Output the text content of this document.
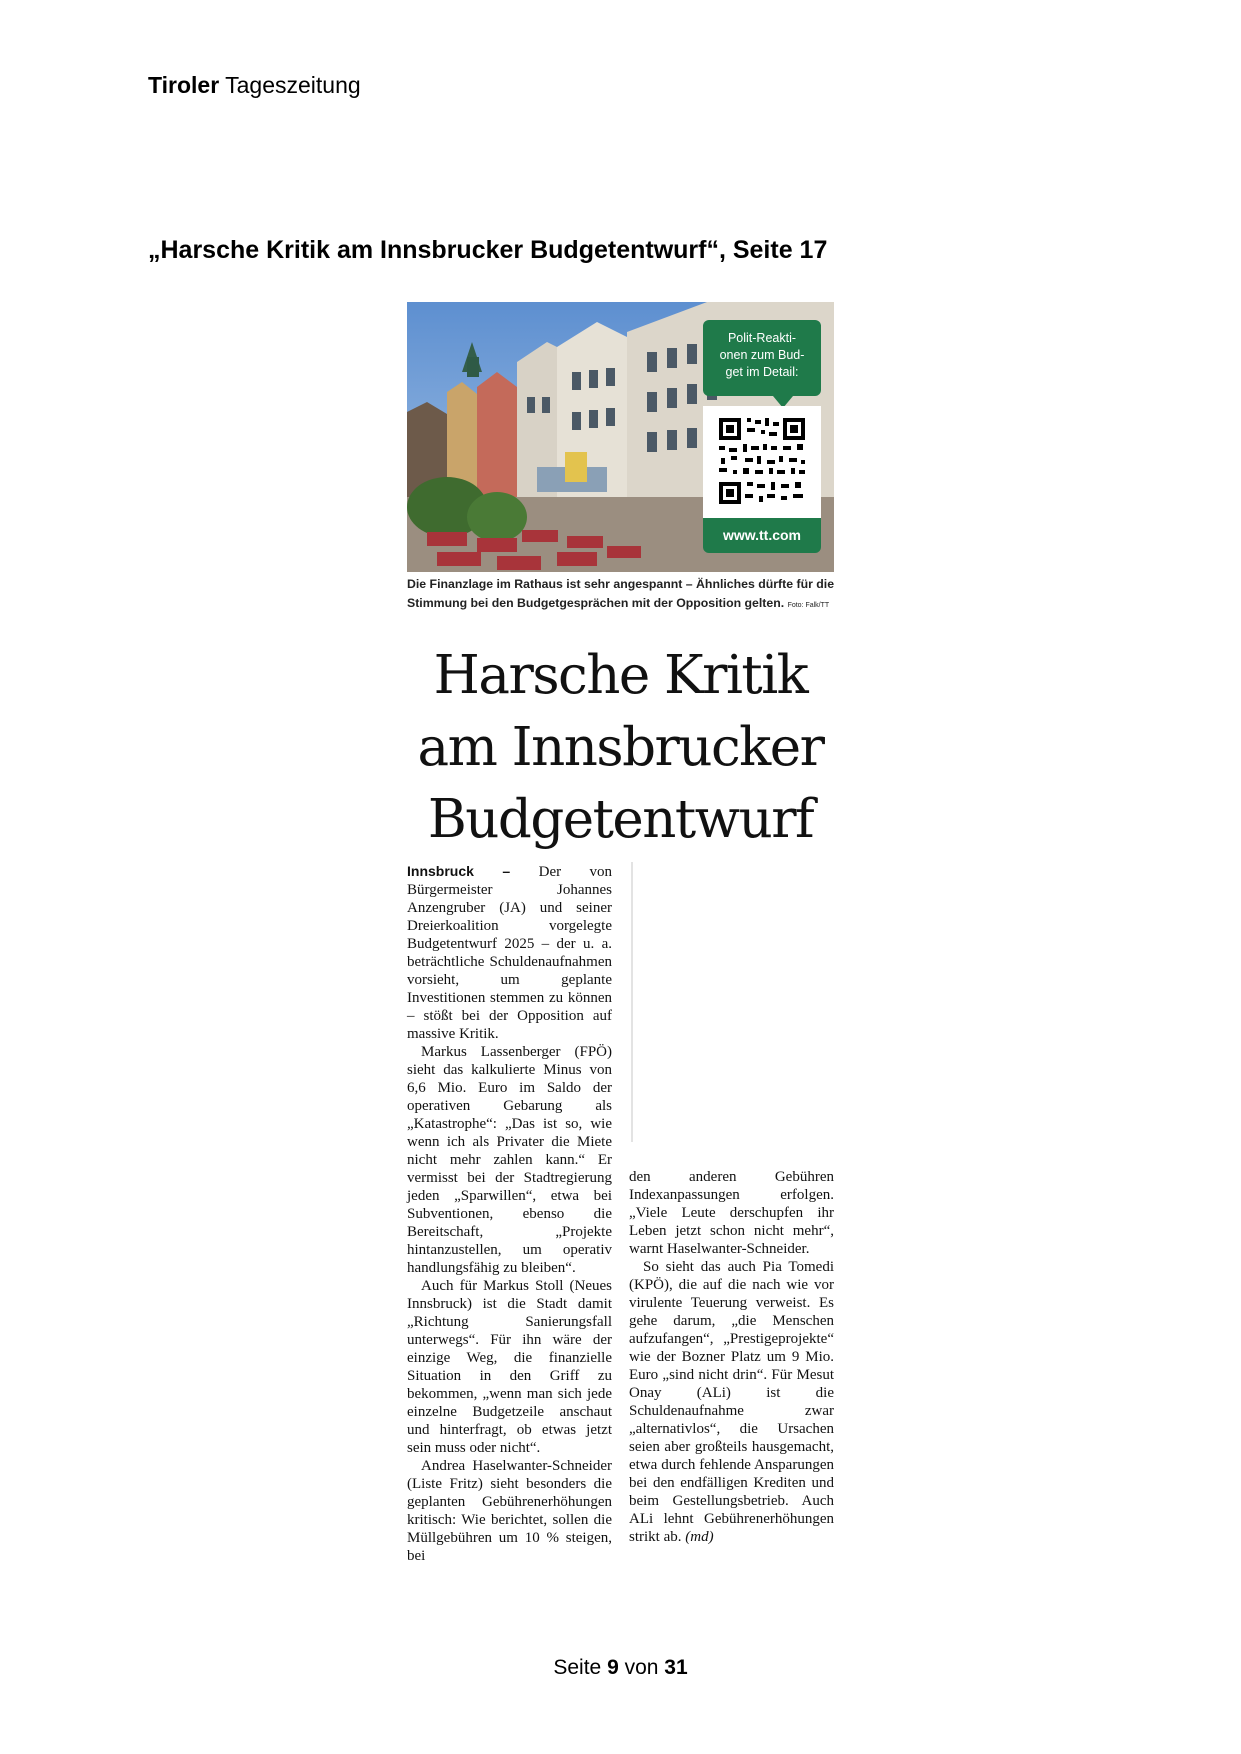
Tiroler Tageszeitung
„Harsche Kritik am Innsbrucker Budgetentwurf“, Seite 17
Polit-Reakti-onen zum Bud-get im Detail:
www.tt.com
Die Finanzlage im Rathaus ist sehr angespannt – Ähnliches dürfte für die Stimmung bei den Budgetgesprächen mit der Opposition gelten. Foto: Falk/TT
Harsche Kritik
am Innsbrucker
Budgetentwurf

Innsbruck – Der von Bürgermeister Johannes Anzengruber (JA) und seiner Dreierkoalition vorgelegte Budgetentwurf 2025 – der u. a. beträchtliche Schuldenaufnahmen vorsieht, um geplante Investitionen stemmen zu können – stößt bei der Opposition auf massive Kritik.

Markus Lassenberger (FPÖ) sieht das kalkulierte Minus von 6,6 Mio. Euro im Saldo der operativen Gebarung als „Katastrophe“: „Das ist so, wie wenn ich als Privater die Miete nicht mehr zahlen kann.“ Er vermisst bei der Stadtregierung jeden „Sparwillen“, etwa bei Subventionen, ebenso die Bereitschaft, „Projekte hintanzustellen, um operativ handlungsfähig zu bleiben“.

Auch für Markus Stoll (Neues Innsbruck) ist die Stadt damit „Richtung Sanierungsfall unterwegs“. Für ihn wäre der einzige Weg, die finanzielle Situation in den Griff zu bekommen, „wenn man sich jede einzelne Budgetzeile anschaut und hinterfragt, ob etwas jetzt sein muss oder nicht“.

Andrea Haselwanter-Schneider (Liste Fritz) sieht besonders die geplanten Gebührenerhöhungen kritisch: Wie berichtet, sollen die Müllgebühren um 10 % steigen, bei

den anderen Gebühren Indexanpassungen erfolgen. „Viele Leute derschupfen ihr Leben jetzt schon nicht mehr“, warnt Haselwanter-Schneider.

So sieht das auch Pia Tomedi (KPÖ), die auf die nach wie vor virulente Teuerung verweist. Es gehe darum, „die Menschen aufzufangen“, „Prestigeprojekte“ wie der Bozner Platz um 9 Mio. Euro „sind nicht drin“. Für Mesut Onay (ALi) ist die Schuldenaufnahme zwar „alternativlos“, die Ursachen seien aber großteils hausgemacht, etwa durch fehlende Ansparungen bei den endfälligen Krediten und beim Gestellungsbetrieb. Auch ALi lehnt Gebührenerhöhungen strikt ab. (md)

Seite 9 von 31
